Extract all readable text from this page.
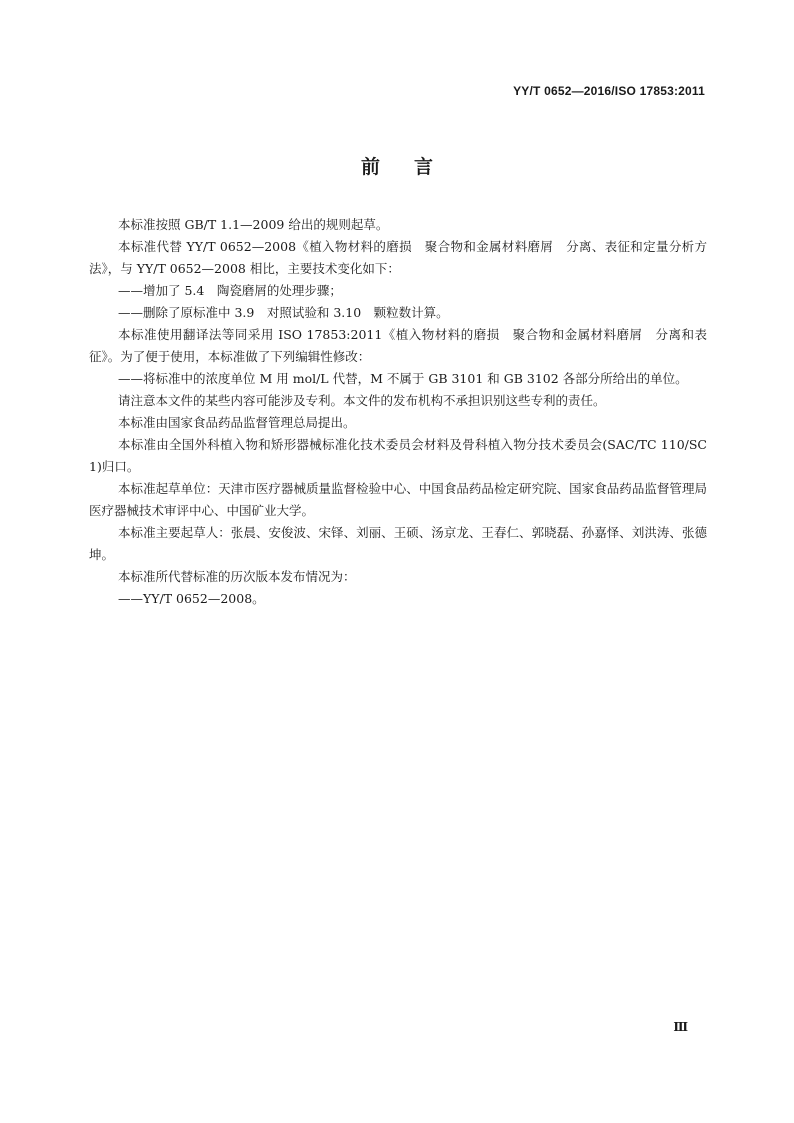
YY/T 0652—2016/ISO 17853:2011
前言

本标准按照 GB/T 1.1—2009 给出的规则起草。

本标准代替 YY/T 0652—2008《植入物材料的磨损　聚合物和金属材料磨屑　分离、表征和定量分析方法》，与 YY/T 0652—2008 相比，主要技术变化如下：

——增加了 5.4　陶瓷磨屑的处理步骤；

——删除了原标准中 3.9　对照试验和 3.10　颗粒数计算。

本标准使用翻译法等同采用 ISO 17853:2011《植入物材料的磨损　聚合物和金属材料磨屑　分离和表征》。为了便于使用，本标准做了下列编辑性修改：

——将标准中的浓度单位 M 用 mol/L 代替，M 不属于 GB 3101 和 GB 3102 各部分所给出的单位。

请注意本文件的某些内容可能涉及专利。本文件的发布机构不承担识别这些专利的责任。

本标准由国家食品药品监督管理总局提出。

本标准由全国外科植入物和矫形器械标准化技术委员会材料及骨科植入物分技术委员会(SAC/TC 110/SC 1)归口。

本标准起草单位：天津市医疗器械质量监督检验中心、中国食品药品检定研究院、国家食品药品监督管理局医疗器械技术审评中心、中国矿业大学。

本标准主要起草人：张晨、安俊波、宋铎、刘丽、王硕、汤京龙、王春仁、郭晓磊、孙嘉怿、刘洪涛、张德坤。

本标准所代替标准的历次版本发布情况为：

——YY/T 0652—2008。

Ⅲ
